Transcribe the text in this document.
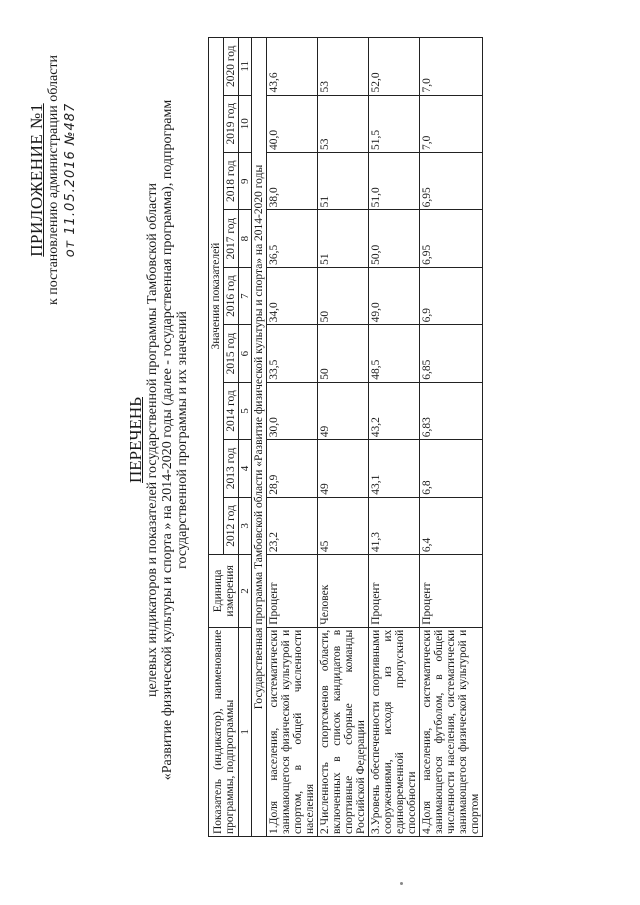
ПРИЛОЖЕНИЕ №1 к постановлению администрации области от 11.05.2016 №487
ПЕРЕЧЕНЬ целевых индикаторов и показателей государственной программы Тамбовской области «Развитие физической культуры и спорта » на 2014-2020 годы (далее - государственная программа), подпрограмм государственной программы и их значений
Показатель (индикатор), наименование программы, подпрограммы	Единица измерения	Значения показателей								
		2012 год	2013 год	2014 год	2015 год	2016 год	2017 год	2018 год	2019 год	2020 год
1	2	3	4	5	6	7	8	9	10	11
Государственная программа Тамбовской области «Развитие физической культуры и спорта» на 2014-2020 годы										
1.Доля населения, систематически занимающегося физической культурой и спортом, в общей численности населения	Процент	23,2	28,9	30,0	33,5	34,0	36,5	38,0	40,0	43,6
2.Численность спортсменов области, включенных в список кандидатов в спортивные сборные команды Российской Федерации	Человек	45	49	49	50	50	51	51	53	53
3.Уровень обеспеченности спортивными сооружениями, исходя из их единовременной пропускной способности	Процент	41,3	43,1	43,2	48,5	49,0	50,0	51,0	51,5	52,0
4.Доля населения, систематически занимающегося футболом, в общей численности населения, систематически занимающегося физической культурой и спортом	Процент	6,4	6,8	6,83	6,85	6,9	6,95	6,95	7,0	7,0
